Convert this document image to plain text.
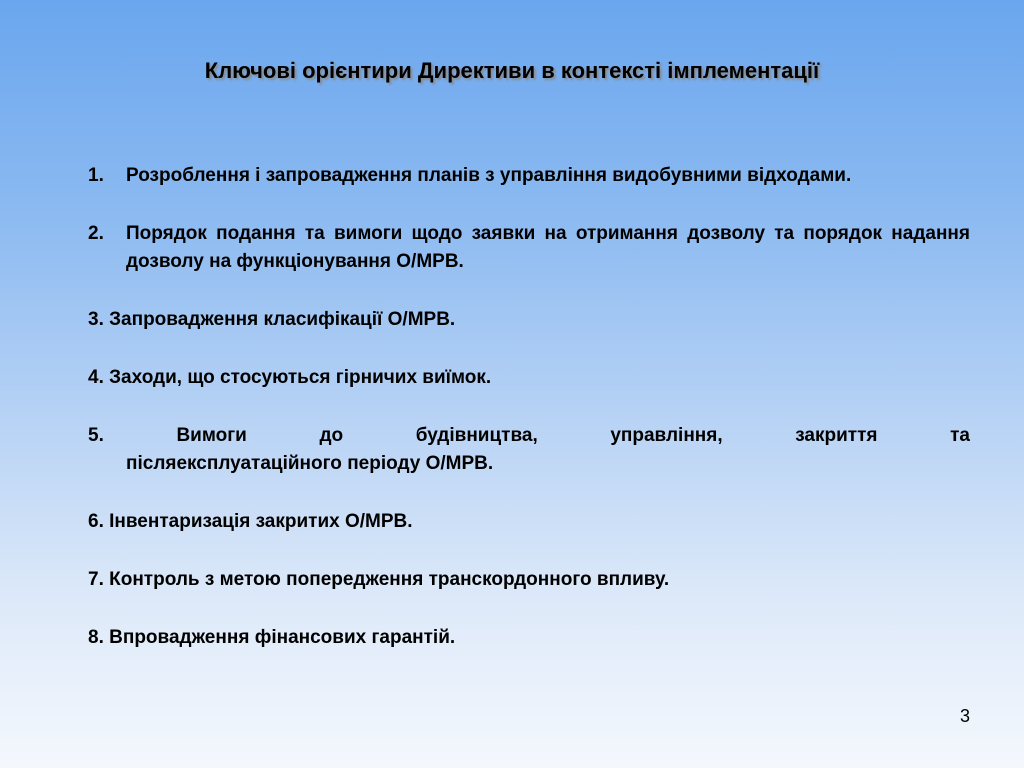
Ключові орієнтири Директиви в контексті імплементації
1.	Розроблення і запровадження планів з управління видобувними відходами.
2.	Порядок подання та вимоги щодо заявки на отримання дозволу та порядок надання дозволу на функціонування О/МРВ.
3. Запровадження класифікації О/МРВ.
4. Заходи, що стосуються гірничих виїмок.
5.	Вимоги	до	будівництва,	управління,	закриття	та
післяексплуатаційного періоду О/МРВ.
6. Інвентаризація закритих О/МРВ.
7. Контроль з метою попередження транскордонного впливу.
8. Впровадження фінансових гарантій.
3
